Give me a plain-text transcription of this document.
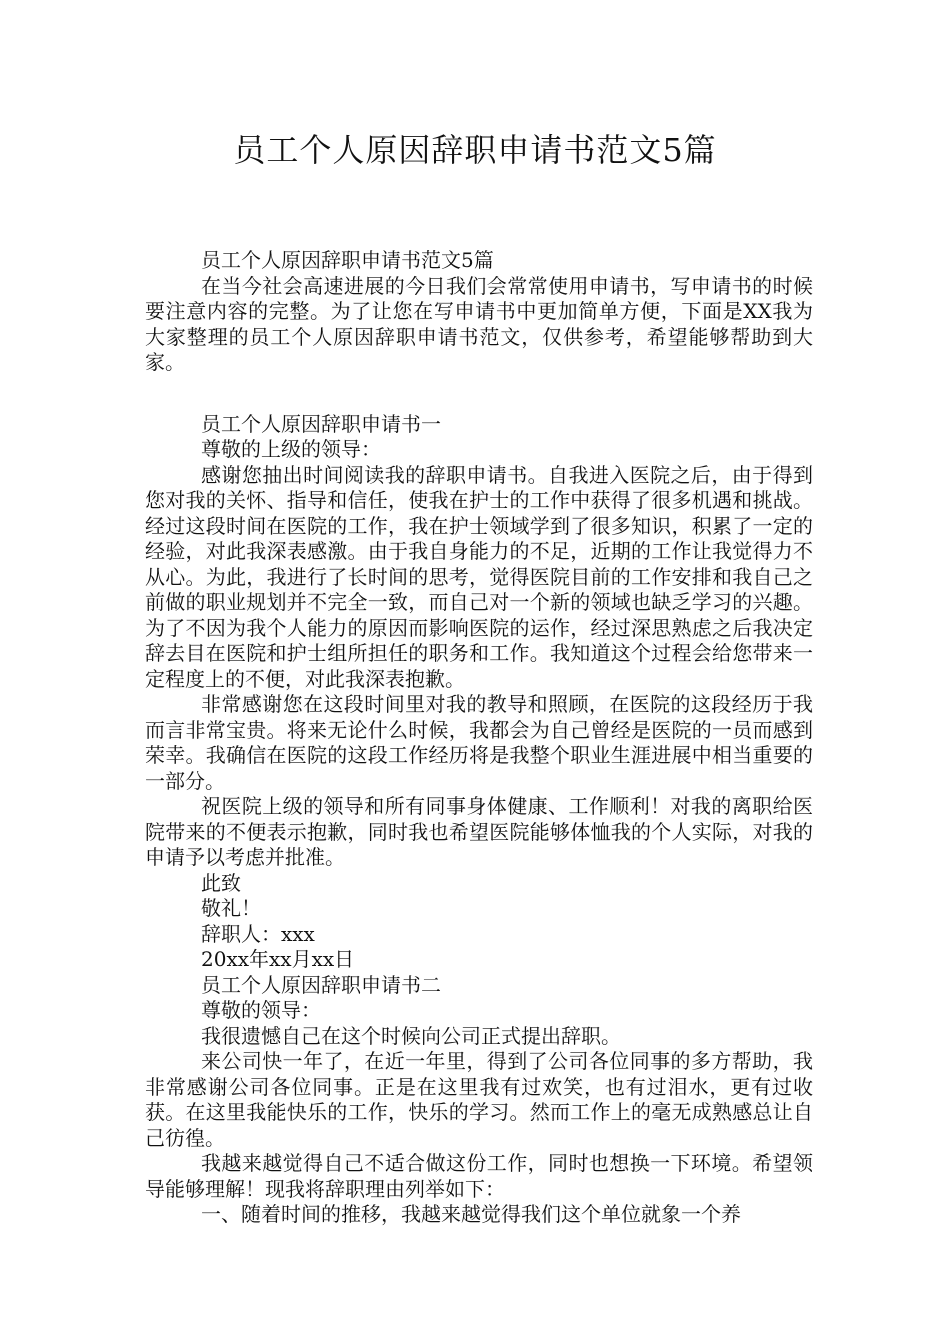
员工个人原因辞职申请书范文5篇

员工个人原因辞职申请书范文5篇

在当今社会高速进展的今日我们会常常使用申请书，写申请书的时候要注意内容的完整。为了让您在写申请书中更加简单方便，下面是XX我为大家整理的员工个人原因辞职申请书范文，仅供参考，希望能够帮助到大家。

员工个人原因辞职申请书一

尊敬的上级的领导：

感谢您抽出时间阅读我的辞职申请书。自我进入医院之后，由于得到您对我的关怀、指导和信任，使我在护士的工作中获得了很多机遇和挑战。经过这段时间在医院的工作，我在护士领域学到了很多知识，积累了一定的经验，对此我深表感激。由于我自身能力的不足，近期的工作让我觉得力不从心。为此，我进行了长时间的思考，觉得医院目前的工作安排和我自己之前做的职业规划并不完全一致，而自己对一个新的领域也缺乏学习的兴趣。为了不因为我个人能力的原因而影响医院的运作，经过深思熟虑之后我决定辞去目在医院和护士组所担任的职务和工作。我知道这个过程会给您带来一定程度上的不便，对此我深表抱歉。

非常感谢您在这段时间里对我的教导和照顾，在医院的这段经历于我而言非常宝贵。将来无论什么时候，我都会为自己曾经是医院的一员而感到荣幸。我确信在医院的这段工作经历将是我整个职业生涯进展中相当重要的一部分。

祝医院上级的领导和所有同事身体健康、工作顺利！对我的离职给医院带来的不便表示抱歉，同时我也希望医院能够体恤我的个人实际，对我的申请予以考虑并批准。

此致

敬礼！

辞职人：xxx

20xx年xx月xx日

员工个人原因辞职申请书二

尊敬的领导：

我很遗憾自己在这个时候向公司正式提出辞职。

来公司快一年了，在近一年里，得到了公司各位同事的多方帮助，我非常感谢公司各位同事。正是在这里我有过欢笑，也有过泪水，更有过收获。在这里我能快乐的工作，快乐的学习。然而工作上的毫无成熟感总让自己彷徨。

我越来越觉得自己不适合做这份工作，同时也想换一下环境。希望领导能够理解！现我将辞职理由列举如下：

一、随着时间的推移，我越来越觉得我们这个单位就象一个养
